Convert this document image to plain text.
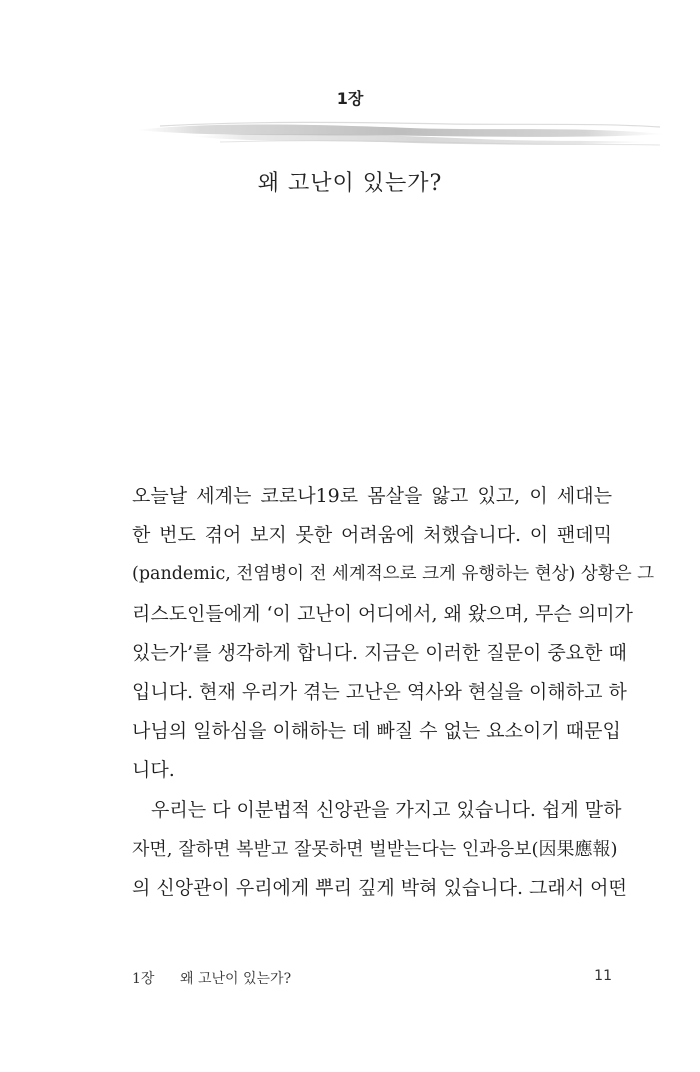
1장
왜 고난이 있는가?
오늘날 세계는 코로나19로 몸살을 앓고 있고, 이 세대는
한 번도 겪어 보지 못한 어려움에 처했습니다. 이 팬데믹
(pandemic, 전염병이 전 세계적으로 크게 유행하는 현상) 상황은 그
리스도인들에게 ‘이 고난이 어디에서, 왜 왔으며, 무슨 의미가
있는가’를 생각하게 합니다. 지금은 이러한 질문이 중요한 때
입니다. 현재 우리가 겪는 고난은 역사와 현실을 이해하고 하
나님의 일하심을 이해하는 데 빠질 수 없는 요소이기 때문입
니다.
우리는 다 이분법적 신앙관을 가지고 있습니다. 쉽게 말하
자면, 잘하면 복받고 잘못하면 벌받는다는 인과응보(因果應報)
의 신앙관이 우리에게 뿌리 깊게 박혀 있습니다. 그래서 어떤
1장 왜 고난이 있는가?	11
